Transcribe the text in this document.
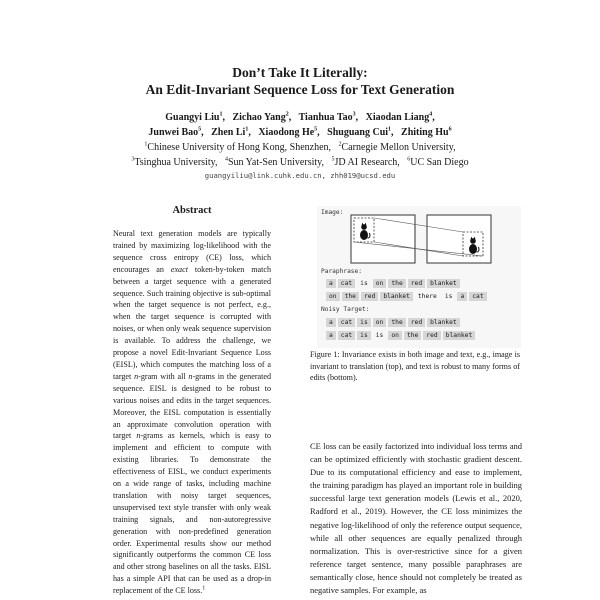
Don’t Take It Literally:
An Edit-Invariant Sequence Loss for Text Generation
Guangyi Liu$^1$,   Zichao Yang$^2$,   Tianhua Tao$^3$,   Xiaodan Liang$^4$,
Junwei Bao$^5$,   Zhen Li$^1$,   Xiaodong He$^5$,   Shuguang Cui$^1$,   Zhiting Hu$^6$
$^1$Chinese University of Hong Kong, Shenzhen, $^2$Carnegie Mellon University,
$^3$Tsinghua University, $^4$Sun Yat-Sen University, $^5$JD AI Research, $^6$UC San Diego
guangyiliu@link.cuhk.edu.cn, zhh019@ucsd.edu
Abstract

Neural text generation models are typically trained by maximizing log-likelihood with the sequence cross entropy (CE) loss, which encourages an exact token-by-token match between a target sequence with a generated sequence. Such training objective is sub-optimal when the target sequence is not perfect, e.g., when the target sequence is corrupted with noises, or when only weak sequence supervision is available. To address the challenge, we propose a novel Edit-Invariant Sequence Loss (EISL), which computes the matching loss of a target n-gram with all n-grams in the generated sequence. EISL is designed to be robust to various noises and edits in the target sequences. Moreover, the EISL computation is essentially an approximate convolution operation with target n-grams as kernels, which is easy to implement and efficient to compute with existing libraries. To demonstrate the effectiveness of EISL, we conduct experiments on a wide range of tasks, including machine translation with noisy target sequences, unsupervised text style transfer with only weak training signals, and non-autoregressive generation with non-predefined generation order. Experimental results show our method significantly outperforms the common CE loss and other strong baselines on all the tasks. EISL has a simple API that can be used as a drop-in replacement of the CE loss.$^1$

Image:
Paraphrase:
a cat is on the red blanket
on the red blanket there is a cat
Noisy Target:
a cat is on the red blanket
a cat is is on the red blanket

Figure 1: Invariance exists in both image and text, e.g., image is invariant to translation (top), and text is robust to many forms of edits (bottom).

CE loss can be easily factorized into individual loss terms and can be optimized efficiently with stochastic gradient descent. Due to its computational efficiency and ease to implement, the training paradigm has played an important role in building successful large text generation models (Lewis et al., 2020, Radford et al., 2019). However, the CE loss minimizes the negative log-likelihood of only the reference output sequence, while all other sequences are equally penalized through normalization. This is over-restrictive since for a given reference target sentence, many possible paraphrases are semantically close, hence should not completely be treated as negative samples. For example, as
